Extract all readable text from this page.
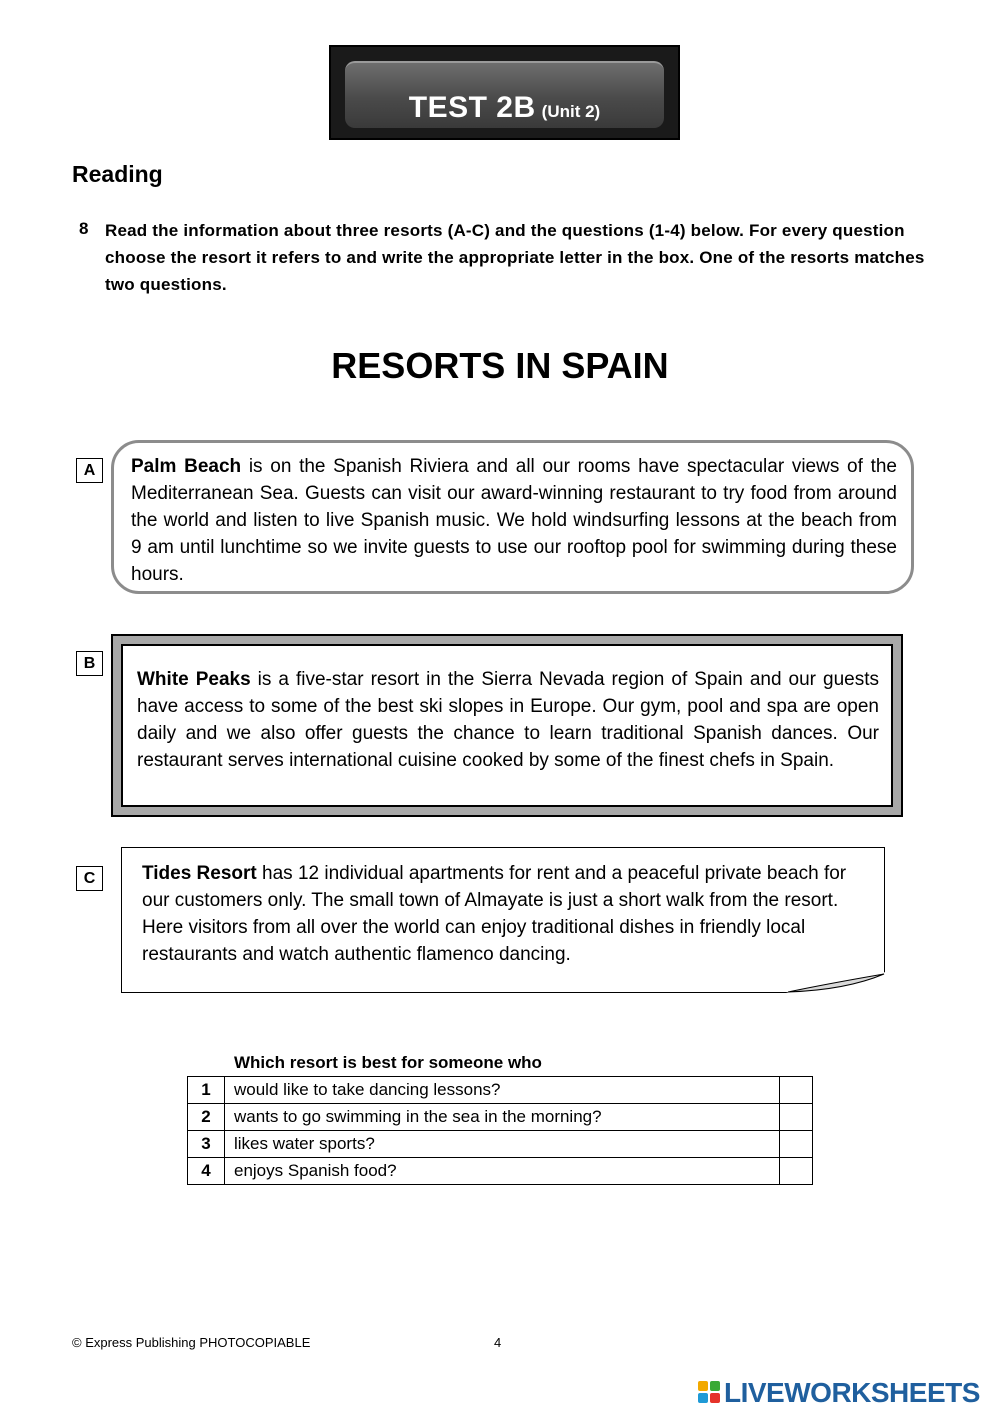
TEST 2B (Unit 2)
Reading
8 Read the information about three resorts (A-C) and the questions (1-4) below. For every question choose the resort it refers to and write the appropriate letter in the box. One of the resorts matches two questions.
RESORTS IN SPAIN
A	Palm Beach is on the Spanish Riviera and all our rooms have spectacular views of the Mediterranean Sea. Guests can visit our award-winning restaurant to try food from around the world and listen to live Spanish music. We hold windsurfing lessons at the beach from 9 am until lunchtime so we invite guests to use our rooftop pool for swimming during these hours.
B
White Peaks is a five-star resort in the Sierra Nevada region of Spain and our guests have access to some of the best ski slopes in Europe. Our gym, pool and spa are open daily and we also offer guests the chance to learn traditional Spanish dances. Our restaurant serves international cuisine cooked by some of the finest chefs in Spain.
C	Tides Resort has 12 individual apartments for rent and a peaceful private beach for our customers only. The small town of Almayate is just a short walk from the resort. Here visitors from all over the world can enjoy traditional dishes in friendly local restaurants and watch authentic flamenco dancing.
Which resort is best for someone who
1	would like to take dancing lessons?	
2	wants to go swimming in the sea in the morning?	
3	likes water sports?	
4	enjoys Spanish food?	
© Express Publishing PHOTOCOPIABLE	4
LIVEWORKSHEETS
